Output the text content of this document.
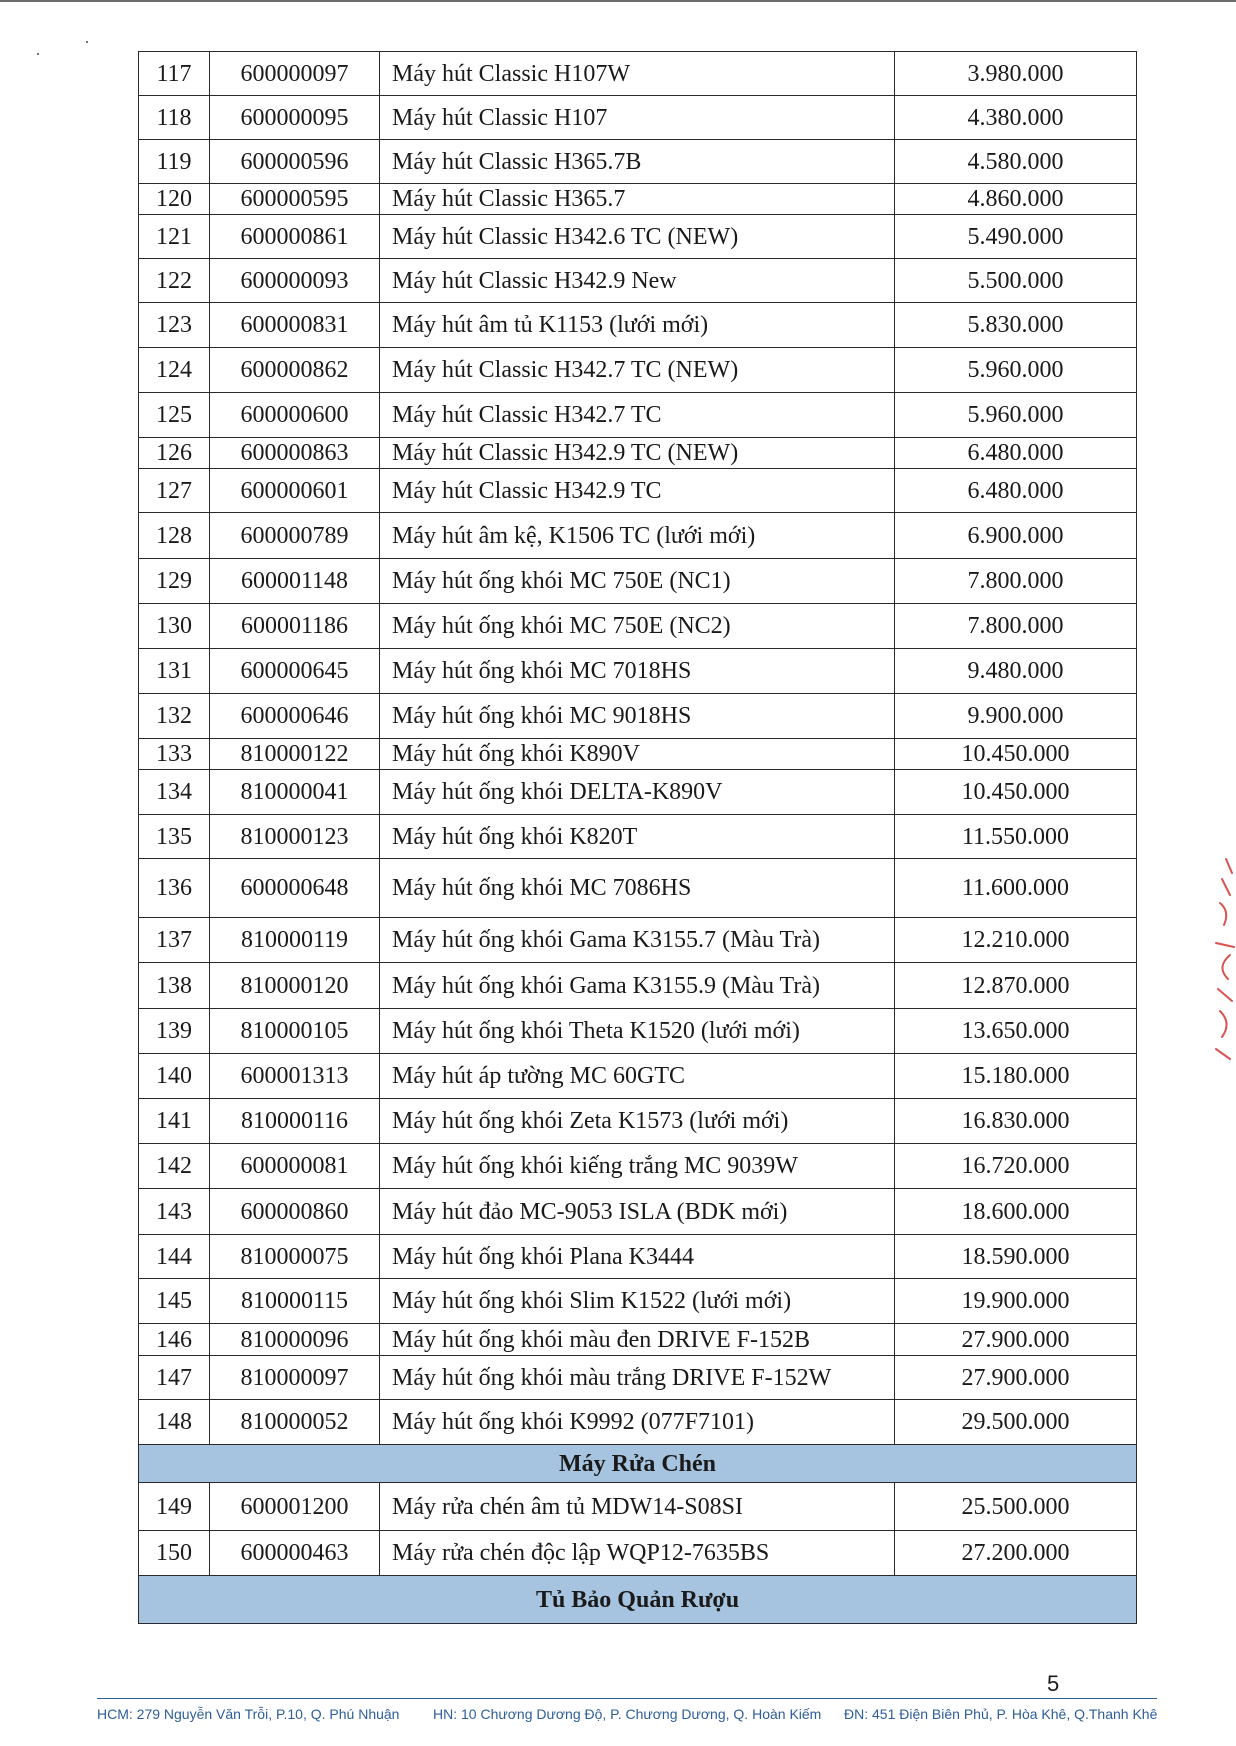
117	600000097	Máy hút Classic H107W	3.980.000
118	600000095	Máy hút Classic H107	4.380.000
119	600000596	Máy hút Classic H365.7B	4.580.000
120	600000595	Máy hút Classic H365.7	4.860.000
121	600000861	Máy hút Classic H342.6 TC (NEW)	5.490.000
122	600000093	Máy hút Classic H342.9 New	5.500.000
123	600000831	Máy hút âm tủ K1153 (lưới mới)	5.830.000
124	600000862	Máy hút Classic H342.7 TC (NEW)	5.960.000
125	600000600	Máy hút Classic H342.7 TC	5.960.000
126	600000863	Máy hút Classic H342.9 TC (NEW)	6.480.000
127	600000601	Máy hút Classic H342.9 TC	6.480.000
128	600000789	Máy hút âm kệ, K1506 TC (lưới mới)	6.900.000
129	600001148	Máy hút ống khói MC 750E (NC1)	7.800.000
130	600001186	Máy hút ống khói MC 750E (NC2)	7.800.000
131	600000645	Máy hút ống khói MC 7018HS	9.480.000
132	600000646	Máy hút ống khói MC 9018HS	9.900.000
133	810000122	Máy hút ống khói K890V	10.450.000
134	810000041	Máy hút ống khói DELTA-K890V	10.450.000
135	810000123	Máy hút ống khói K820T	11.550.000
136	600000648	Máy hút ống khói MC 7086HS	11.600.000
137	810000119	Máy hút ống khói Gama K3155.7 (Màu Trà)	12.210.000
138	810000120	Máy hút ống khói Gama K3155.9 (Màu Trà)	12.870.000
139	810000105	Máy hút ống khói Theta K1520 (lưới mới)	13.650.000
140	600001313	Máy hút áp tường MC 60GTC	15.180.000
141	810000116	Máy hút ống khói Zeta K1573 (lưới mới)	16.830.000
142	600000081	Máy hút ống khói kiếng trắng MC 9039W	16.720.000
143	600000860	Máy hút đảo MC-9053 ISLA (BDK mới)	18.600.000
144	810000075	Máy hút ống khói Plana K3444	18.590.000
145	810000115	Máy hút ống khói Slim K1522 (lưới mới)	19.900.000
146	810000096	Máy hút ống khói màu đen DRIVE F-152B	27.900.000
147	810000097	Máy hút ống khói màu trắng DRIVE F-152W	27.900.000
148	810000052	Máy hút ống khói K9992 (077F7101)	29.500.000
Máy Rửa Chén			
149	600001200	Máy rửa chén âm tủ MDW14-S08SI	25.500.000
150	600000463	Máy rửa chén độc lập WQP12-7635BS	27.200.000
Tủ Bảo Quản Rượu			
5
HCM: 279 Nguyễn Văn Trỗi, P.10, Q. Phú Nhuận HN: 10 Chương Dương Độ, P. Chương Dương, Q. Hoàn Kiếm ĐN: 451 Điện Biên Phủ, P. Hòa Khê, Q.Thanh Khê
